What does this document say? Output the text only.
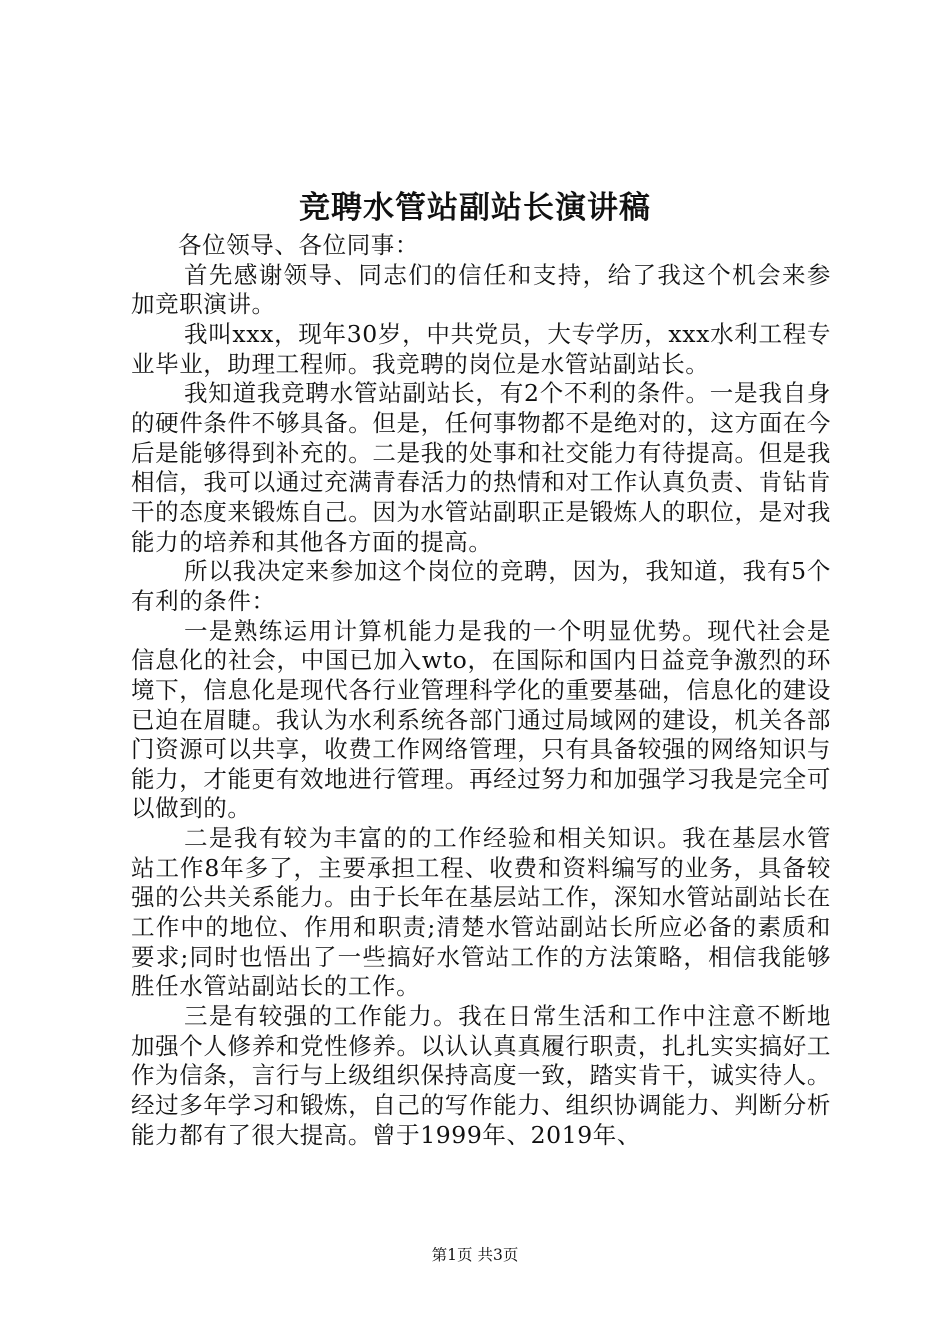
竞聘水管站副站长演讲稿

各位领导、各位同事：

首先感谢领导、同志们的信任和支持，给了我这个机会来参加竞职演讲。

我叫xxx，现年30岁，中共党员，大专学历，xxx水利工程专业毕业，助理工程师。我竞聘的岗位是水管站副站长。

我知道我竞聘水管站副站长，有2个不利的条件。一是我自身的硬件条件不够具备。但是，任何事物都不是绝对的，这方面在今后是能够得到补充的。二是我的处事和社交能力有待提高。但是我相信，我可以通过充满青春活力的热情和对工作认真负责、肯钻肯干的态度来锻炼自己。因为水管站副职正是锻炼人的职位，是对我能力的培养和其他各方面的提高。

所以我决定来参加这个岗位的竞聘，因为，我知道，我有5个有利的条件：

一是熟练运用计算机能力是我的一个明显优势。现代社会是信息化的社会，中国已加入wto，在国际和国内日益竞争激烈的环境下，信息化是现代各行业管理科学化的重要基础，信息化的建设已迫在眉睫。我认为水利系统各部门通过局域网的建设，机关各部门资源可以共享，收费工作网络管理，只有具备较强的网络知识与能力，才能更有效地进行管理。再经过努力和加强学习我是完全可以做到的。

二是我有较为丰富的的工作经验和相关知识。我在基层水管站工作8年多了，主要承担工程、收费和资料编写的业务，具备较强的公共关系能力。由于长年在基层站工作，深知水管站副站长在工作中的地位、作用和职责;清楚水管站副站长所应必备的素质和要求;同时也悟出了一些搞好水管站工作的方法策略，相信我能够胜任水管站副站长的工作。

三是有较强的工作能力。我在日常生活和工作中注意不断地加强个人修养和党性修养。以认认真真履行职责，扎扎实实搞好工作为信条，言行与上级组织保持高度一致，踏实肯干，诚实待人。经过多年学习和锻炼，自己的写作能力、组织协调能力、判断分析能力都有了很大提高。曾于1999年、2019年、

第1页 共3页
